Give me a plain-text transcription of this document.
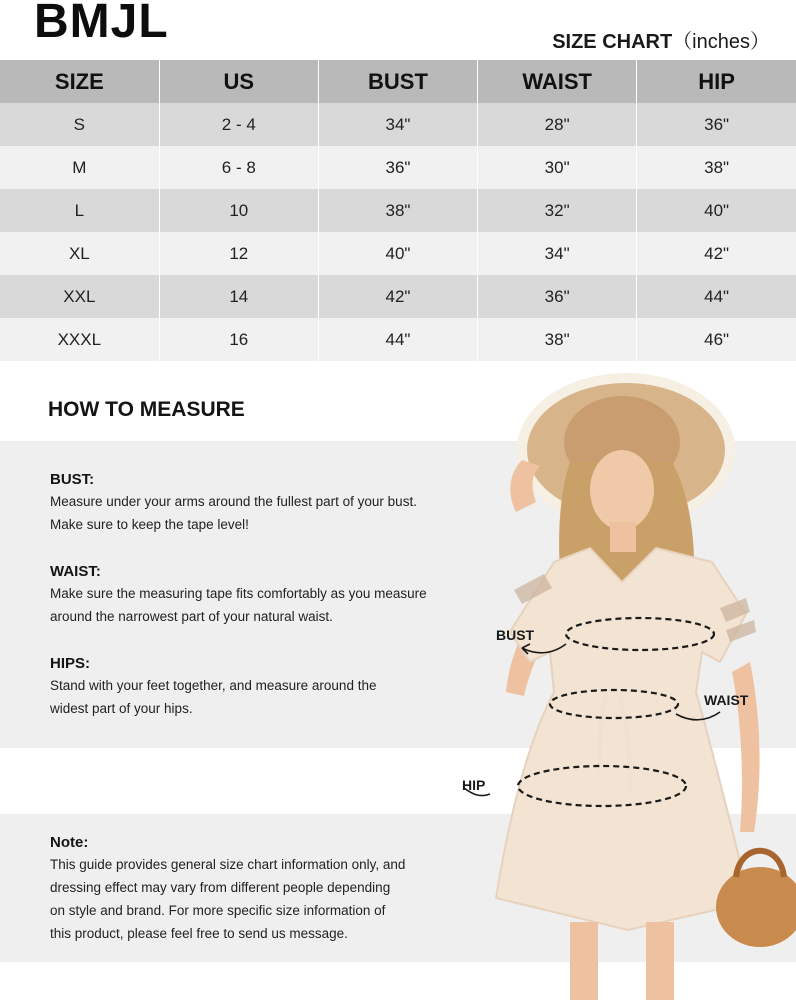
BMJL	SIZE CHART（inches）
SIZE	US	BUST	WAIST	HIP
S	2 - 4	34"	28"	36"
M	6 - 8	36"	30"	38"
L	10	38"	32"	40"
XL	12	40"	34"	42"
XXL	14	42"	36"	44"
XXXL	16	44"	38"	46"
HOW TO MEASURE
BUST:
Measure under your arms around the fullest part of your bust.
Make sure to keep the tape level!
WAIST:
Make sure the measuring tape fits comfortably as you measure
around the narrowest part of your natural waist.
HIPS:
Stand with your feet together, and measure around the
widest part of your hips.
Note:
This guide provides general size chart information only, and
dressing effect may vary from different people depending
on style and brand. For more specific size information of
this product, please feel free to send us message.
BUST
WAIST
HIP
